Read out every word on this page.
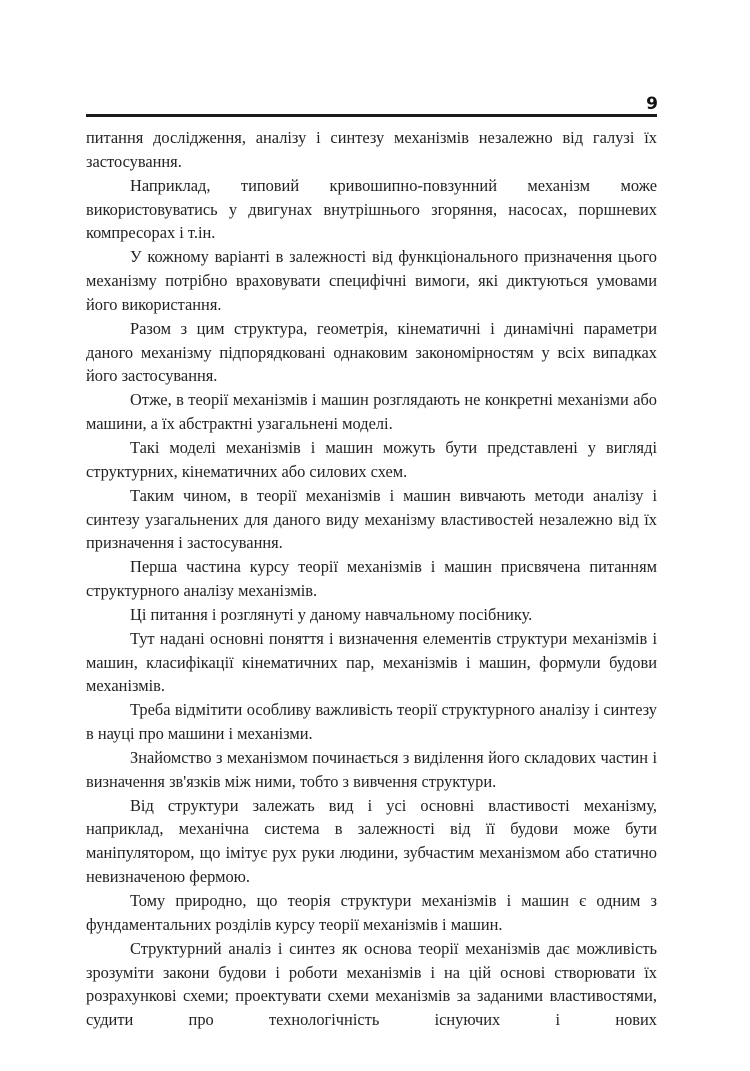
9

питання дослідження, аналізу і синтезу механізмів незалежно від галузі їх застосування.

Наприклад, типовий кривошипно-повзунний механізм може використовуватись у двигунах внутрішнього згоряння, насосах, поршневих компресорах і т.ін.

У кожному варіанті в залежності від функціонального призначення цього механізму потрібно враховувати специфічні вимоги, які диктуються умовами його використання.

Разом з цим структура, геометрія, кінематичні і динамічні параметри даного механізму підпорядковані однаковим закономірностям у всіх випадках його застосування.

Отже, в теорії механізмів і машин розглядають не конкретні механізми або машини, а їх абстрактні узагальнені моделі.

Такі моделі механізмів і машин можуть бути представлені у вигляді структурних, кінематичних або силових схем.

Таким чином, в теорії механізмів і машин вивчають методи аналізу і синтезу узагальнених для даного виду механізму властивостей незалежно від їх призначення і застосування.

Перша частина курсу теорії механізмів і машин присвячена питанням структурного аналізу механізмів.

Ці питання і розглянуті у даному навчальному посібнику.

Тут надані основні поняття і визначення елементів структури механізмів і машин, класифікації кінематичних пар, механізмів і машин, формули будови механізмів.

Треба відмітити особливу важливість теорії структурного аналізу і синтезу в науці про машини і механізми.

Знайомство з механізмом починається з виділення його складових частин і визначення зв'язків між ними, тобто з вивчення структури.

Від структури залежать вид і усі основні властивості механізму, наприклад, механічна система в залежності від її будови може бути маніпулятором, що імітує рух руки людини, зубчастим механізмом або статично невизначеною фермою.

Тому природно, що теорія структури механізмів і машин є одним з фундаментальних розділів курсу теорії механізмів і машин.

Структурний аналіз і синтез як основа теорії механізмів дає можливість зрозуміти закони будови і роботи механізмів і на цій основі створювати їх розрахункові схеми; проектувати схеми механізмів за заданими властивостями, судити про технологічність існуючих і нових
